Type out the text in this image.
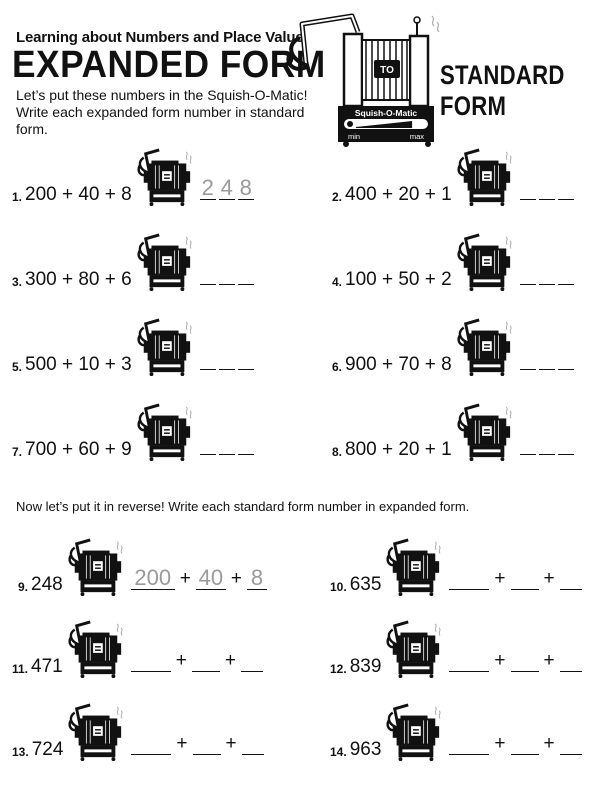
Learning about Numbers and Place Value
EXPANDED FORM	STANDARD FORM
Let’s put these numbers in the Squish-O-Matic! Write each expanded form number in standard form.
Now let’s put it in reverse! Write each standard form number in expanded form.
TO
Squish-O-Matic
min	max
1. 200 + 40 + 8	2 4 8	2. 400 + 20 + 1
3. 300 + 80 + 6	4. 100 + 50 + 2
5. 500 + 10 + 3	6. 900 + 70 + 8
7. 700 + 60 + 9	8. 800 + 20 + 1
9. 248	200 + 40 + 8	10. 635	+ +
11. 471	+ +	12. 839	+ +
13. 724	+ +	14. 963	+ +
